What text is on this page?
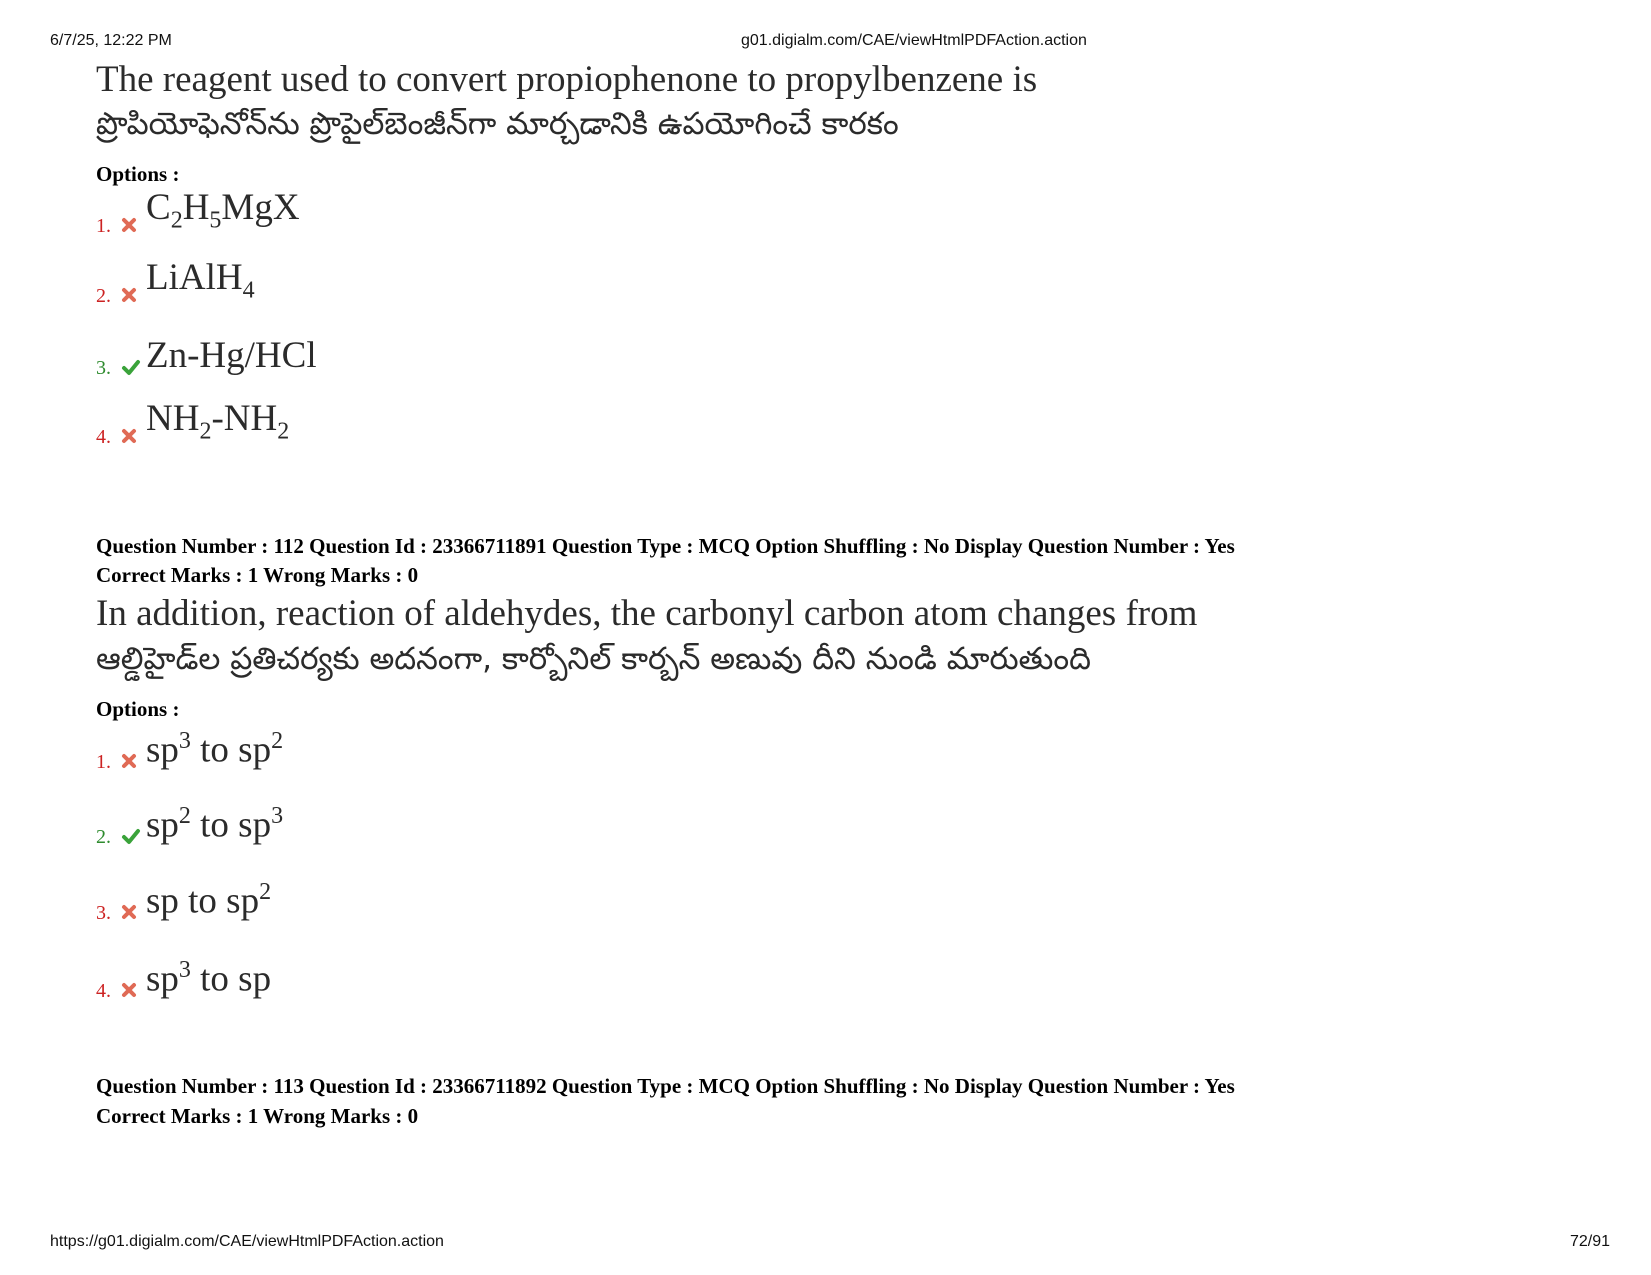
6/7/25, 12:22 PM	g01.digialm.com/CAE/viewHtmlPDFAction.action
The reagent used to convert propiophenone to propylbenzene is
ప్రొపియోఫెనోన్‌ను ప్రొపైల్‌బెంజీన్‌గా మార్చడానికి ఉపయోగించే కారకం
Options :
1. $C_2H_5MgX$
2. LiAlH$_4$
3. Zn-Hg/HCl
4. $NH_2-NH_2$
Question Number : 112 Question Id : 23366711891 Question Type : MCQ Option Shuffling : No Display Question Number : Yes
Correct Marks : 1 Wrong Marks : 0
In addition, reaction of aldehydes, the carbonyl carbon atom changes from
ఆల్డిహైడ్‌ల ప్రతిచర్యకు అదనంగా, కార్బోనిల్ కార్బన్ అణువు దీని నుండి మారుతుంది
Options :
1. $sp^3$ to $sp^2$
2. $sp^2$ to $sp^3$
3. sp to $sp^2$
4. $sp^3$ to sp
Question Number : 113 Question Id : 23366711892 Question Type : MCQ Option Shuffling : No Display Question Number : Yes
Correct Marks : 1 Wrong Marks : 0
https://g01.digialm.com/CAE/viewHtmlPDFAction.action	72/91
